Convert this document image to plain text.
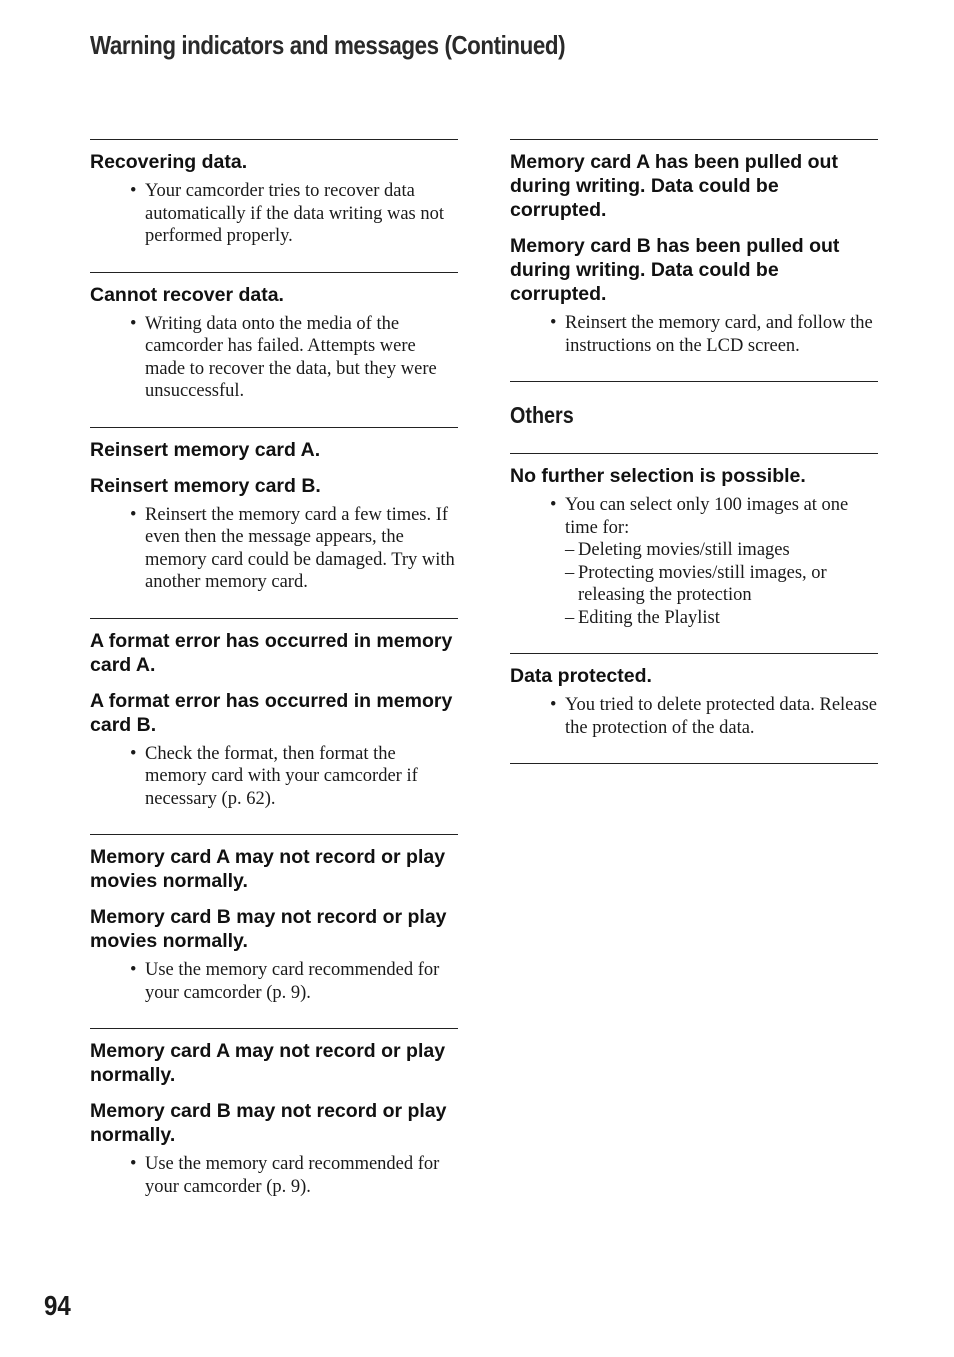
Warning indicators and messages (Continued)

Recovering data.

• Your camcorder tries to recover data automatically if the data writing was not performed properly.

Cannot recover data.

• Writing data onto the media of the camcorder has failed. Attempts were made to recover the data, but they were unsuccessful.

Reinsert memory card A.

Reinsert memory card B.

• Reinsert the memory card a few times. If even then the message appears, the memory card could be damaged. Try with another memory card.

A format error has occurred in memory card A.

A format error has occurred in memory card B.

• Check the format, then format the memory card with your camcorder if necessary (p. 62).

Memory card A may not record or play movies normally.

Memory card B may not record or play movies normally.

• Use the memory card recommended for your camcorder (p. 9).

Memory card A may not record or play normally.

Memory card B may not record or play normally.

• Use the memory card recommended for your camcorder (p. 9).

Memory card A has been pulled out during writing. Data could be corrupted.

Memory card B has been pulled out during writing. Data could be corrupted.

• Reinsert the memory card, and follow the instructions on the LCD screen.
Others

No further selection is possible.

• You can select only 100 images at one time for:
– Deleting movies/still images
– Protecting movies/still images, or releasing the protection
– Editing the Playlist

Data protected.

• You tried to delete protected data. Release the protection of the data.
94
